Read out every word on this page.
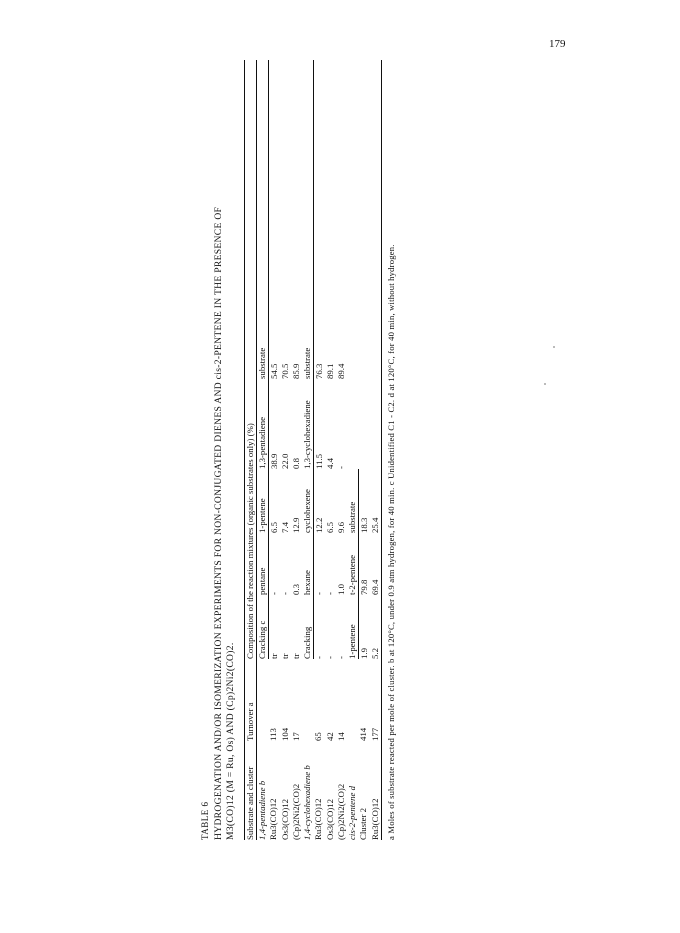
179
TABLE 6 HYDROGENATION AND/OR ISOMERIZATION EXPERIMENTS FOR NON-CONJUGATED DIENES AND cis-2-PENTENE IN THE PRESENCE OF M3(CO)12 (M = Ru, Os) AND (Cp)2Ni2(CO)2. Substrate and cluster	Turnover a	Composition of the reaction mixtures (organic substrates only) (%)				
1,4-pentadiene b		Cracking c	pentane	1-pentene	1,3-pentadiene	substrate
Ru3(CO)12	113	tr	-	6.5	38.9	54.5
Os3(CO)12	104	tr	-	7.4	22.0	70.5
(Cp)2Ni2(CO)2	17	tr	0.3	12.9	0.8	85.9
1,4-cyclohexadiene b		Cracking	hexane	cyclohexene	1,3-cyclohexadiene	substrate
Ru3(CO)12	65	-	-	12.2	11.5	76.3
Os3(CO)12	42	-	-	6.5	4.4	89.1
(Cp)2Ni2(CO)2	14	-	1.0	9.6	-	89.4
cis-2-pentene d		1-pentene	t-2-pentene	substrate		
Cluster 2	414	1.9	79.8	18.3		
Ru3(CO)12	177	5.2	69.4	25.4		a Moles of substrate reacted per mole of cluster. b at 120°C, under 0.9 atm hydrogen, for 40 min. c Unidentified C1 - C2. d at 120°C, for 40 min, without hydrogen.
